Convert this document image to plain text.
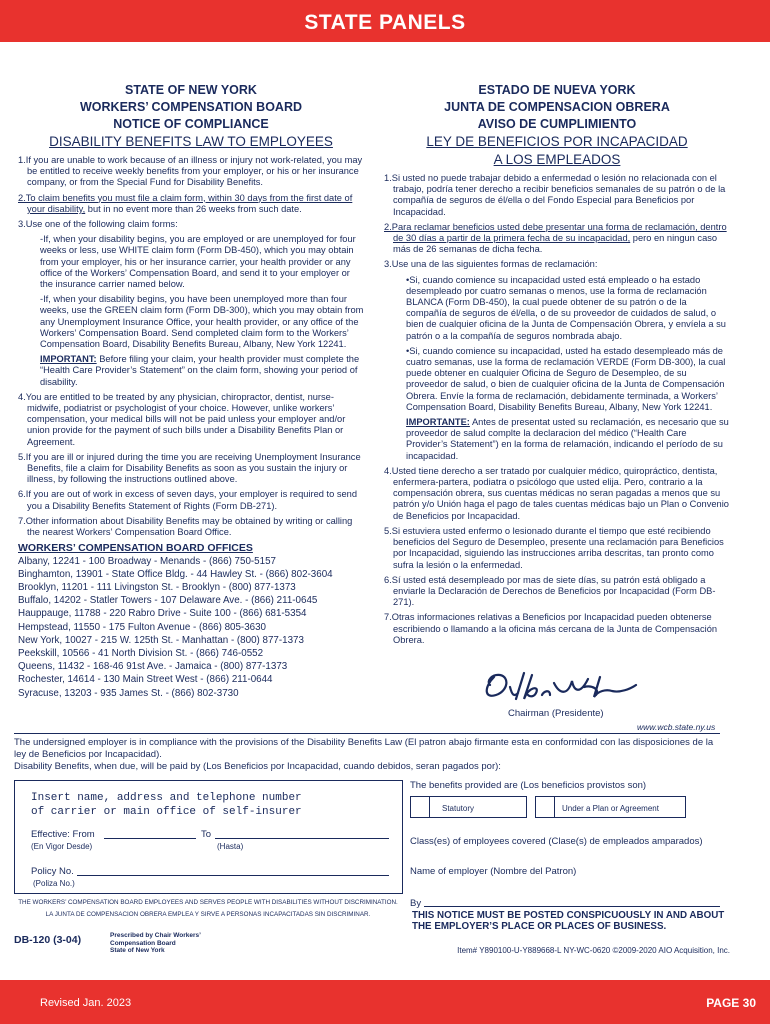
STATE PANELS
STATE OF NEW YORK
WORKERS’ COMPENSATION BOARD
NOTICE OF COMPLIANCE
DISABILITY BENEFITS LAW TO EMPLOYEES
1.If you are unable to work because of an illness or injury not work-related, you may be entitled to receive weekly benefits from your employer, or his or her insurance company, or from the Special Fund for Disability Benefits.
2.To claim benefits you must file a claim form, within 30 days from the first date of your disability, but in no event more than 26 weeks from such date.
3.Use one of the following claim forms:
-If, when your disability begins, you are employed or are unemployed for four weeks or less, use WHITE claim form (Form DB-450), which you may obtain from your employer, his or her insurance carrier, your health provider or any office of the Workers’ Compensation Board, and send it to your employer or the insurance carrier named below.
-If, when your disability begins, you have been unemployed more than four weeks, use the GREEN claim form (Form DB-300), which you may obtain from any Unemployment Insurance Office, your health provider, or any office of the Workers’ Compensation Board. Send completed claim form to the Workers’ Compensation Board, Disability Benefits Bureau, Albany, New York 12241.
IMPORTANT: Before filing your claim, your health provider must complete the “Health Care Provider’s Statement” on the claim form, showing your period of disability.
4.You are entitled to be treated by any physician, chiropractor, dentist, nurse-midwife, podiatrist or psychologist of your choice. However, unlike workers’ compensation, your medical bills will not be paid unless your employer and/or union provide for the payment of such bills under a Disability Benefits Plan or Agreement.
5.If you are ill or injured during the time you are receiving Unemployment Insurance Benefits, file a claim for Disability Benefits as soon as you sustain the injury or illness, by following the instructions outlined above.
6.If you are out of work in excess of seven days, your employer is required to send you a Disability Benefits Statement of Rights (Form DB-271).
7.Other information about Disability Benefits may be obtained by writing or calling the nearest Workers’ Compensation Board Office.
WORKERS’ COMPENSATION BOARD OFFICES
Albany, 12241 - 100 Broadway - Menands - (866) 750-5157
Binghamton, 13901 - State Office Bldg. - 44 Hawley St. - (866) 802-3604
Brooklyn, 11201 - 111 Livingston St. - Brooklyn - (800) 877-1373
Buffalo, 14202 - Statler Towers - 107 Delaware Ave. - (866) 211-0645
Hauppauge, 11788 - 220 Rabro Drive - Suite 100 - (866) 681-5354
Hempstead, 11550 - 175 Fulton Avenue - (866) 805-3630
New York, 10027 - 215 W. 125th St. - Manhattan - (800) 877-1373
Peekskill, 10566 - 41 North Division St. - (866) 746-0552
Queens, 11432 - 168-46 91st Ave. - Jamaica - (800) 877-1373
Rochester, 14614 - 130 Main Street West - (866) 211-0644
Syracuse, 13203 - 935 James St. - (866) 802-3730
ESTADO DE NUEVA YORK
JUNTA DE COMPENSACION OBRERA
AVISO DE CUMPLIMIENTO
LEY DE BENEFICIOS POR INCAPACIDAD
A LOS EMPLEADOS
1.Si usted no puede trabajar debido a enfermedad o lesión no relacionada con el trabajo, podría tener derecho a recibir beneficios semanales de su patrón o de la compañía de seguros de él/ella o del Fondo Especial para Beneficios por Incapacidad.
2.Para reclamar beneficios usted debe presentar una forma de reclamación, dentro de 30 días a partir de la primera fecha de su incapacidad, pero en ningun caso más de 26 semanas de dicha fecha.
3.Use una de las siguientes formas de reclamación:
•Si, cuando comience su incapacidad usted está empleado o ha estado desempleado por cuatro semanas o menos, use la forma de reclamación BLANCA (Form DB-450), la cual puede obtener de su patrón o de la compañía de seguros de él/ella, o de su proveedor de cuidados de salud, o bien de cualquier oficina de la Junta de Compensación Obrera, y envíela a su patrón o a la compañía de seguros nombrada abajo.
•Si, cuando comience su incapacidad, usted ha estado desempleado más de cuatro semanas, use la forma de reclamación VERDE (Form DB-300), la cual puede obtener en cualquier Oficina de Seguro de Desempleo, de su proveedor de salud, o bien de cualquier oficina de la Junta de Compensación Obrera. Envíe la forma de reclamación, debidamente terminada, a Workers’ Compensation Board, Disability Benefits Bureau, Albany, New York 12241.
IMPORTANTE: Antes de presentat usted su reclamación, es necesario que su proveedor de salud complte la declaracion del médico (“Health Care Provider’s Statement”) en la forma de relamación, indicando el período de su incapacidad.
4.Usted tiene derecho a ser tratado por cualquier médico, quiropráctico, dentista, enfermera-partera, podiatra o psicólogo que usted elija. Pero, contrario a la compensación obrera, sus cuentas médicas no seran pagadas a menos que su patrón y/o Unión haga el pago de tales cuentas médicas bajo un Plan o Convenio de Beneficios por Incapacidad.
5.Si estuviera usted enfermo o lesionado durante el tiempo que esté recibiendo beneficios del Seguro de Desempleo, presente una reclamación para Beneficios por Incapacidad, siguiendo las instrucciones arriba descritas, tan pronto como sufra la lesión o la enfermedad.
6.Sí usted está desempleado por mas de siete días, su patrón está obligado a enviarle la Declaración de Derechos de Beneficios por Incapacidad (Form DB-271).
7.Otras informaciones relativas a Beneficios por Incapacidad pueden obtenerse escribiendo o llamando a la oficina más cercana de la Junta de Compensación Obrera.
Chairman (Presidente)
www.wcb.state.ny.us
The undersigned employer is in compliance with the provisions of the Disability Benefits Law (El patron abajo firmante esta en conformidad con las disposiciones de la ley de Beneficios por Incapacidad).
Disability Benefits, when due, will be paid by (Los Beneficios por Incapacidad, cuando debidos, seran pagados por):
Insert name, address and telephone number
of carrier or main office of self-insurer
Effective: From
(En Vigor Desde)
To
(Hasta)
Policy No.
(Poliza No.)
The benefits provided are (Los beneficios provistos son)
Statutory	Under a Plan or Agreement
Class(es) of employees covered (Clase(s) de empleados amparados)
Name of employer (Nombre del Patron)
By
THE WORKERS’ COMPENSATION BOARD EMPLOYEES AND SERVES PEOPLE WITH DISABILITIES WITHOUT DISCRIMINATION.
LA JUNTA DE COMPENSACION OBRERA EMPLEA Y SIRVE A PERSONAS INCAPACITADAS SIN DISCRIMINAR.
DB-120 (3-04)	Prescribed by Chair Workers’
Compensation Board
State of New York
THIS NOTICE MUST BE POSTED CONSPICUOUSLY IN AND ABOUT THE EMPLOYER’S PLACE OR PLACES OF BUSINESS.
Item# Y890100-U-Y889668-L NY-WC-0620 ©2009-2020 AIO Acquisition, Inc.
Revised Jan. 2023	PAGE 30
